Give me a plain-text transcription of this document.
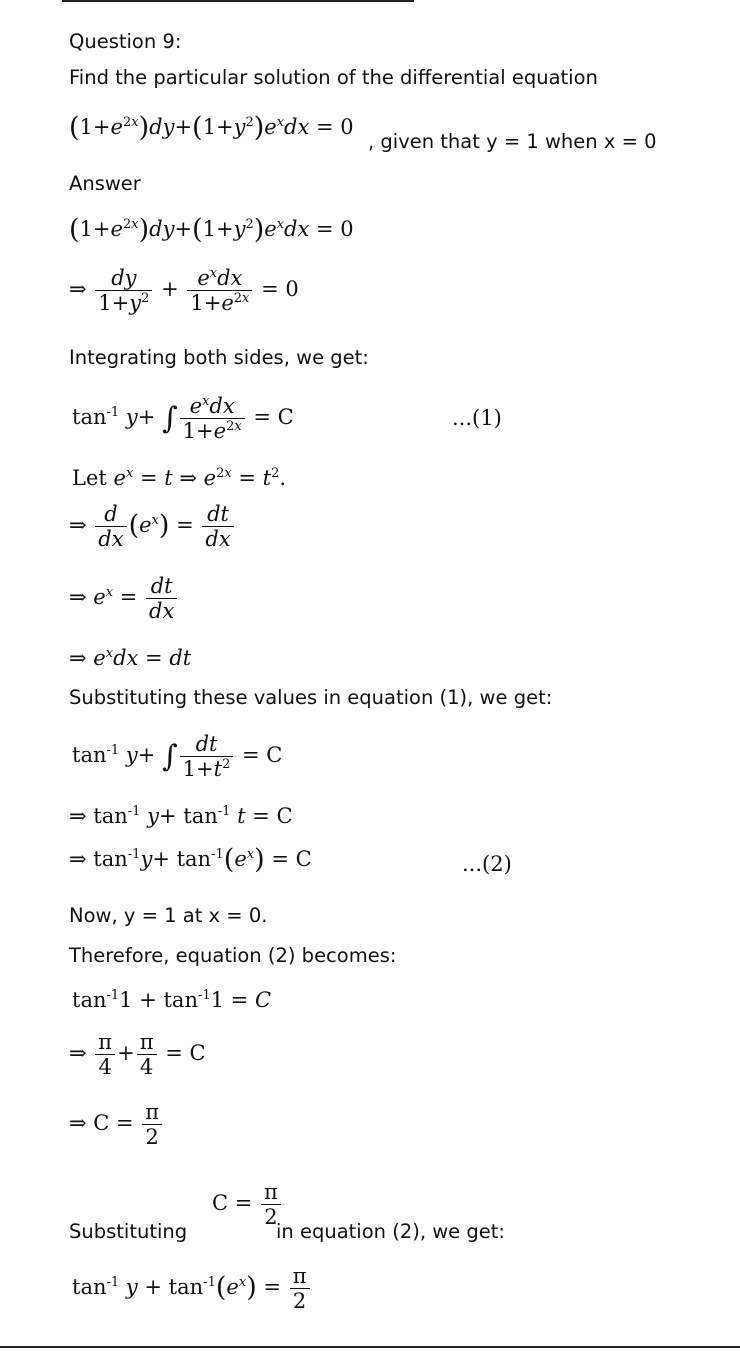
Question 9:
Find the particular solution of the differential equation
$(1+e^{2x})dy+(1+y^2)e^xdx = 0$
, given that y = 1 when x = 0
Answer
$(1+e^{2x})dy+(1+y^2)e^xdx = 0$
⇒ $\frac{dy}{1+y^2} + \frac{e^xdx}{1+e^{2x}} = 0$
Integrating both sides, we get:
$\tan^{-1} y+$ ∫ $\frac{e^xdx}{1+e^{2x}} = C$	...(1)
Let $e^x = t$ ⇒ $e^{2x} = t^2$.
⇒ $\frac{d}{dx} (e^x) = \frac{dt}{dx}$
⇒ $e^x = \frac{dt}{dx}$
⇒ $e^xdx$ = dt
Substituting these values in equation (1), we get:
$\tan^{-1} y+$ ∫ $\frac{dt}{1+t^2} = C$
⇒ $\tan^{-1} y+ \tan^{-1} t = C$
⇒ $\tan^{-1}y+ \tan^{-1}(e^x) = C$	...(2)
Now, y = 1 at x = 0.
Therefore, equation (2) becomes:
$\tan^{-1}1 + \tan^{-1}1 = C$
⇒ $\frac{\pi}{4} + \frac{\pi}{4} = C$
⇒ $C = \frac{\pi}{2}$
Substituting
$C = \frac{\pi}{2}$
in equation (2), we get:
$\tan^{-1} y + \tan^{-1}(e^x) = \frac{\pi}{2}$
